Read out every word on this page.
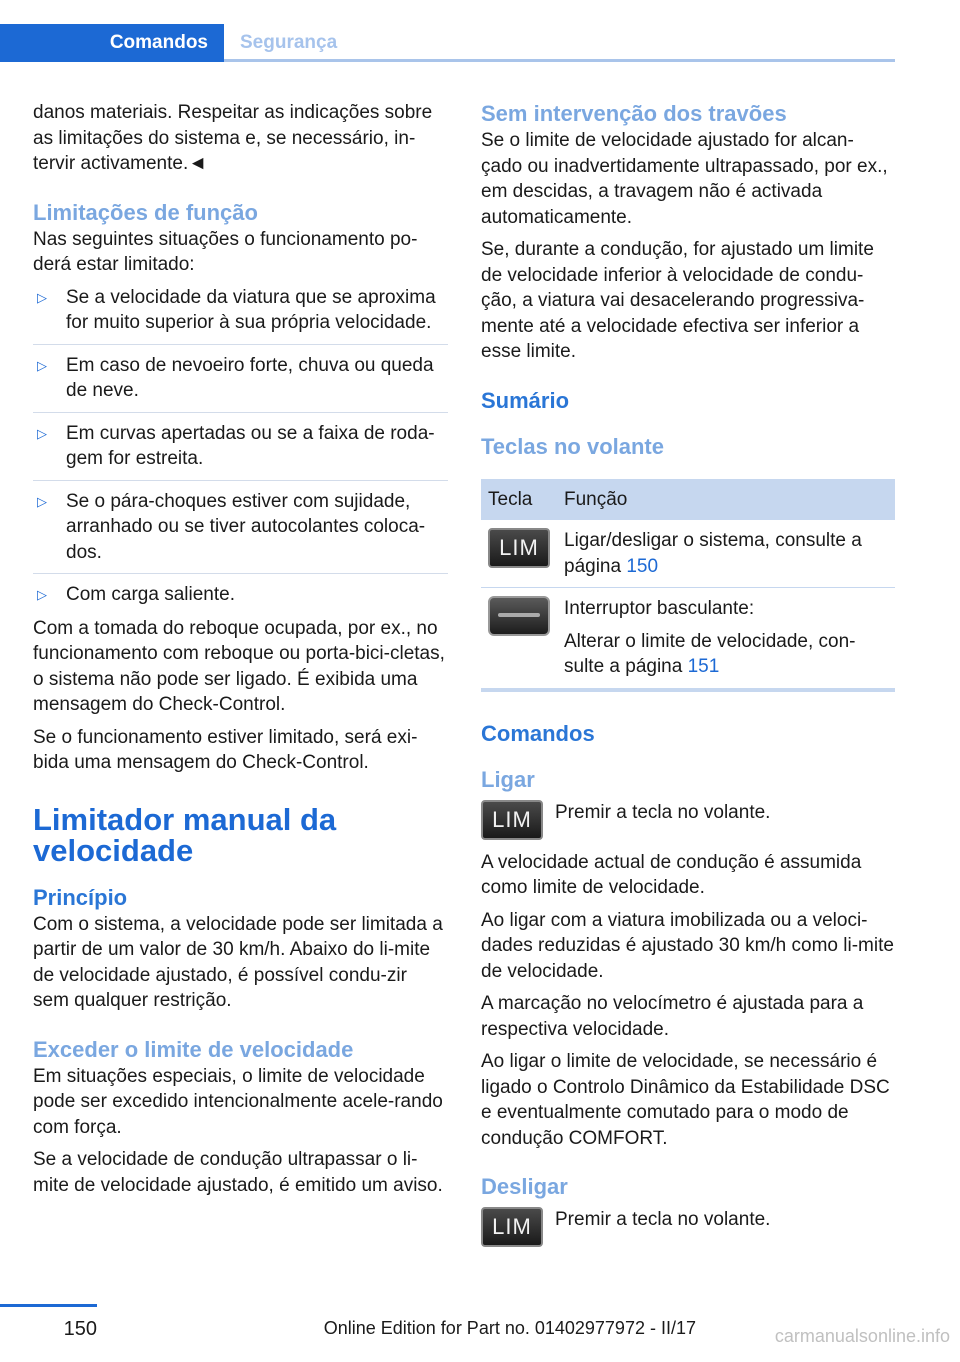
Comandos Segurança

danos materiais. Respeitar as indicações sobre as limitações do sistema e, se necessário, in-tervir activamente.◄

Limitações de função

Nas seguintes situações o funcionamento po-derá estar limitado:

▷ Se a velocidade da viatura que se aproxima for muito superior à sua própria velocidade.
▷ Em caso de nevoeiro forte, chuva ou queda de neve.
▷ Em curvas apertadas ou se a faixa de roda-gem for estreita.
▷ Se o pára-choques estiver com sujidade, arranhado ou se tiver autocolantes coloca-dos.
▷ Com carga saliente.

Com a tomada do reboque ocupada, por ex., no funcionamento com reboque ou porta-bici-cletas, o sistema não pode ser ligado. É exibida uma mensagem do Check-Control.

Se o funcionamento estiver limitado, será exi-bida uma mensagem do Check-Control.

Limitador manual da velocidade
Princípio

Com o sistema, a velocidade pode ser limitada a partir de um valor de 30 km/h. Abaixo do li-mite de velocidade ajustado, é possível condu-zir sem qualquer restrição.

Exceder o limite de velocidade

Em situações especiais, o limite de velocidade pode ser excedido intencionalmente acele-rando com força.

Se a velocidade de condução ultrapassar o li-mite de velocidade ajustado, é emitido um aviso.

Sem intervenção dos travões

Se o limite de velocidade ajustado for alcan-çado ou inadvertidamente ultrapassado, por ex., em descidas, a travagem não é activada automaticamente.

Se, durante a condução, for ajustado um limite de velocidade inferior à velocidade de condu-ção, a viatura vai desacelerando progressiva-mente até a velocidade efectiva ser inferior a esse limite.

Sumário
Teclas no volante
Tecla	Função
LIM	Ligar/desligar o sistema, consulte a página 150

	Interruptor basculante:

Alterar o limite de velocidade, con-sulte a página 151
Comandos
Ligar
LIM	Premir a tecla no volante.

A velocidade actual de condução é assumida como limite de velocidade.

Ao ligar com a viatura imobilizada ou a veloci-dades reduzidas é ajustado 30 km/h como li-mite de velocidade.

A marcação no velocímetro é ajustada para a respectiva velocidade.

Ao ligar o limite de velocidade, se necessário é ligado o Controlo Dinâmico da Estabilidade DSC e eventualmente comutado para o modo de condução COMFORT.

Desligar
LIM	Premir a tecla no volante.
150	Online Edition for Part no. 01402977972 - II/17	carmanualsonline.info
